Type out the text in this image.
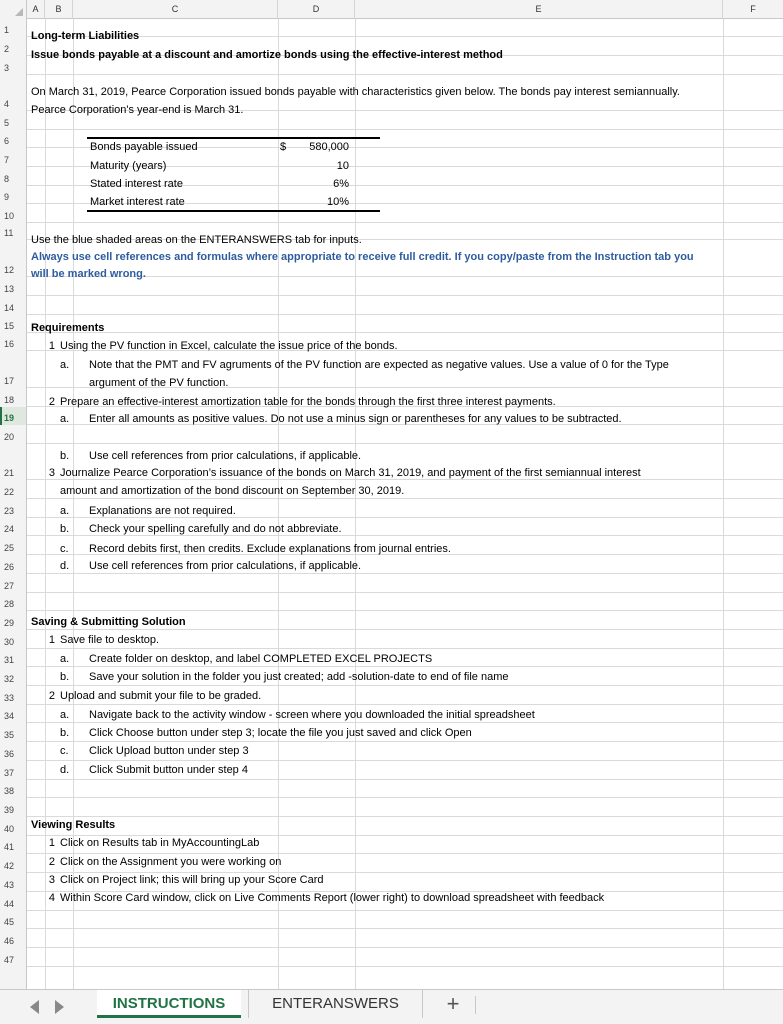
A	B	C	D	E	F
1
2
3
4
5
6
7
8
9
10
11
12
13
14
15
16
17
18
19
20
21
22
23
24
25
26
27
28
29
30
31
32
33
34
35
36
37
38
39
40
41
42
43
44
45
46
47
Long-term Liabilities
Issue bonds payable at a discount and amortize bonds using the effective-interest method
On March 31, 2019, Pearce Corporation issued bonds payable with characteristics given below. The bonds pay interest semiannually.
Pearce Corporation's year-end is March 31.
Bonds payable issued	$	580,000
Maturity (years)	10
Stated interest rate	6%
Market interest rate	10%
Use the blue shaded areas on the ENTERANSWERS tab for inputs.
Always use cell references and formulas where appropriate to receive full credit. If you copy/paste from the Instruction tab you
will be marked wrong.
Requirements
1 Using the PV function in Excel, calculate the issue price of the bonds.
a. Note that the PMT and FV agruments of the PV function are expected as negative values. Use a value of 0 for the Type
argument of the PV function.
2 Prepare an effective-interest amortization table for the bonds through the first three interest payments.
a. Enter all amounts as positive values. Do not use a minus sign or parentheses for any values to be subtracted.
b. Use cell references from prior calculations, if applicable.
3 Journalize Pearce Corporation’s issuance of the bonds on March 31, 2019, and payment of the first semiannual interest
amount and amortization of the bond discount on September 30, 2019.
a. Explanations are not required.
b. Check your spelling carefully and do not abbreviate.
c. Record debits first, then credits. Exclude explanations from journal entries.
d. Use cell references from prior calculations, if applicable.
Saving & Submitting Solution
1 Save file to desktop.
a. Create folder on desktop, and label COMPLETED EXCEL PROJECTS
b. Save your solution in the folder you just created; add -solution-date to end of file name
2 Upload and submit your file to be graded.
a. Navigate back to the activity window - screen where you downloaded the initial spreadsheet
b. Click Choose button under step 3; locate the file you just saved and click Open
c. Click Upload button under step 3
d. Click Submit button under step 4
Viewing Results
1 Click on Results tab in MyAccountingLab
2 Click on the Assignment you were working on
3 Click on Project link; this will bring up your Score Card
4 Within Score Card window, click on Live Comments Report (lower right) to download spreadsheet with feedback
INSTRUCTIONS	ENTERANSWERS	+
